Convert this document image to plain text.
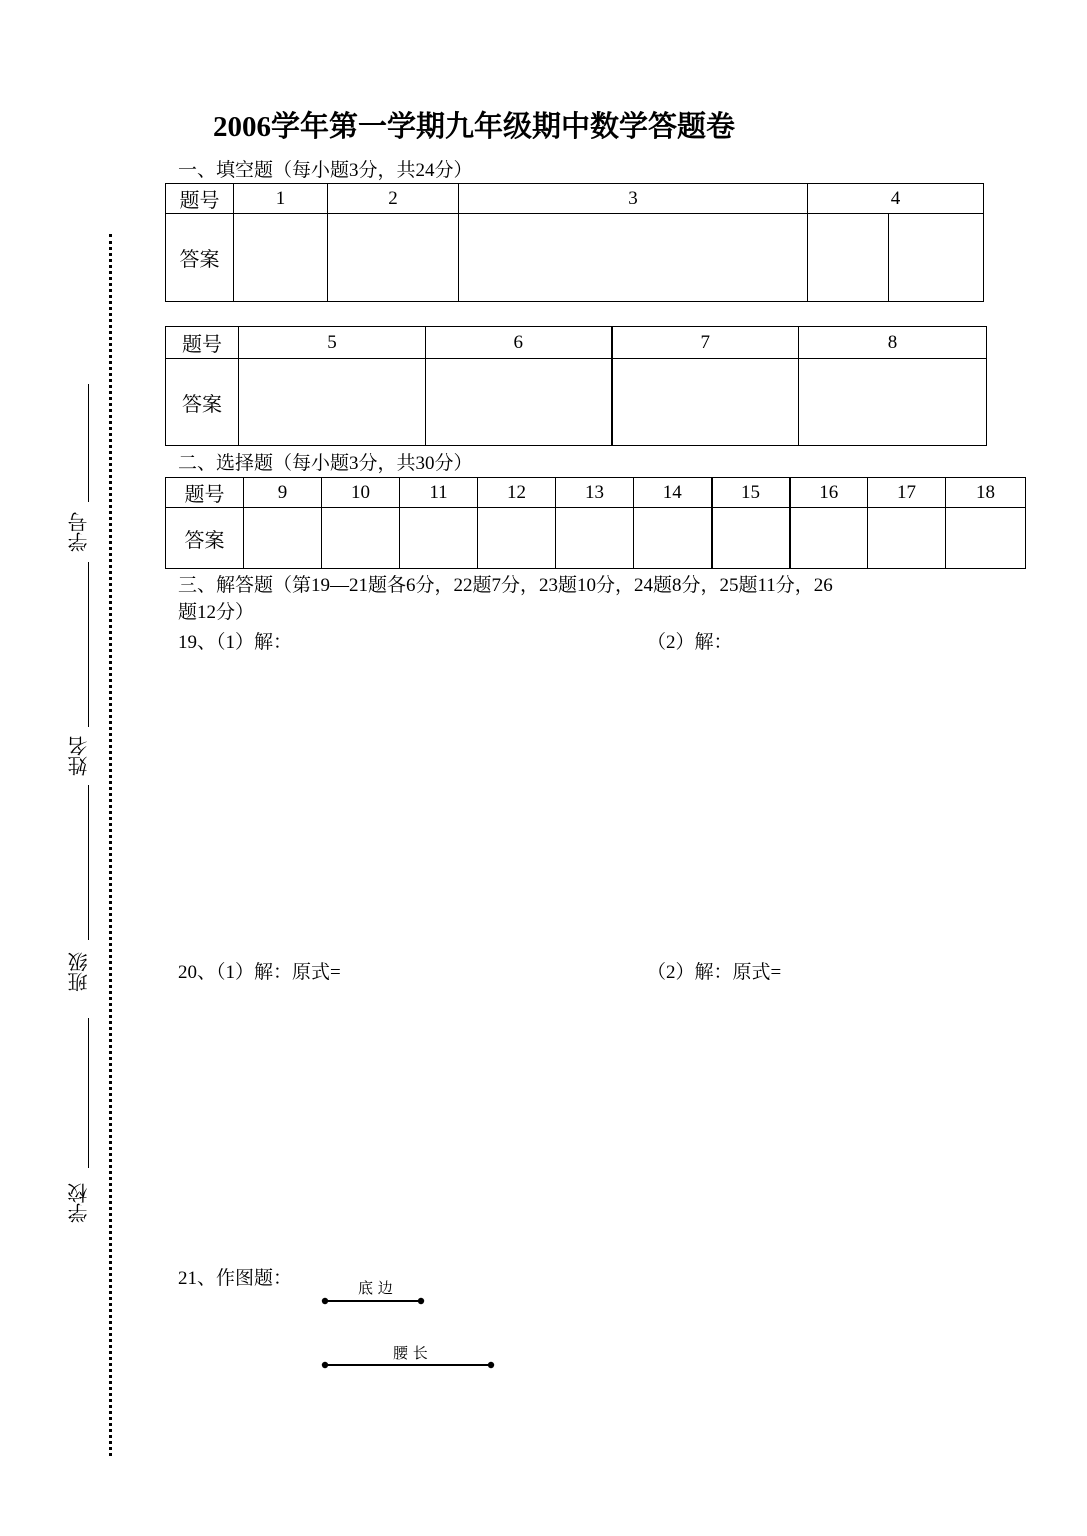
2006学年第一学期九年级期中数学答题卷
一、填空题（每小题3分，共24分）
题号	1	2	3	4	
答案					
题号	5	6	7	8
答案				
二、选择题（每小题3分，共30分）
题号	9	10	11	12	13	14	15	16	17	18
答案										
三、解答题（第19—21题各6分，22题7分，23题10分，24题8分，25题11分，26
题12分）
19、（1）解：	（2）解：
20、（1）解：原式=	（2）解：原式=
21、作图题：	底 边
腰 长
学号
姓名
班级
学校
